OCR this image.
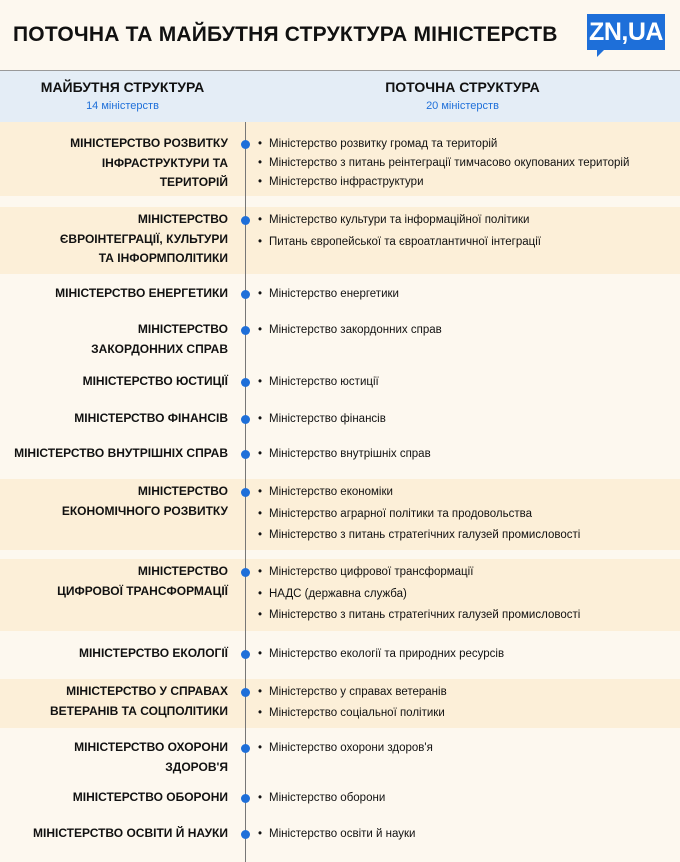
ПОТОЧНА ТА МАЙБУТНЯ СТРУКТУРА МІНІСТЕРСТВ ZN,UA
МАЙБУТНЯ СТРУКТУРА
14 міністерств
ПОТОЧНА СТРУКТУРА
20 міністерств
МІНІСТЕРСТВО РОЗВИТКУ
ІНФРАСТРУКТУРИ ТА
ТЕРИТОРІЙ
• Міністерство розвитку громад та територій
• Міністерство з питань реінтеграції тимчасово окупованих територій
• Міністерство інфраструктури
МІНІСТЕРСТВО
ЄВРОІНТЕГРАЦІЇ, КУЛЬТУРИ
ТА ІНФОРМПОЛІТИКИ
• Міністерство культури та інформаційної політики
• Питань європейської та євроатлантичної інтеграції
МІНІСТЕРСТВО ЕНЕРГЕТИКИ	• Міністерство енергетики
МІНІСТЕРСТВО
ЗАКОРДОННИХ СПРАВ
• Міністерство закордонних справ
МІНІСТЕРСТВО ЮСТИЦІЇ	• Міністерство юстиції
МІНІСТЕРСТВО ФІНАНСІВ	• Міністерство фінансів
МІНІСТЕРСТВО ВНУТРІШНІХ СПРАВ	• Міністерство внутрішніх справ
МІНІСТЕРСТВО
ЕКОНОМІЧНОГО РОЗВИТКУ
• Міністерство економіки
• Міністерство аграрної політики та продовольства
• Міністерство з питань стратегічних галузей промисловості
МІНІСТЕРСТВО
ЦИФРОВОЇ ТРАНСФОРМАЦІЇ
• Міністерство цифрової трансформації
• НАДС (державна служба)
• Міністерство з питань стратегічних галузей промисловості
МІНІСТЕРСТВО ЕКОЛОГІЇ	• Міністерство екології та природних ресурсів
МІНІСТЕРСТВО У СПРАВАХ
ВЕТЕРАНІВ ТА СОЦПОЛІТИКИ
• Міністерство у справах ветеранів
• Міністерство соціальної політики
МІНІСТЕРСТВО ОХОРОНИ
ЗДОРОВ'Я
• Міністерство охорони здоров'я
МІНІСТЕРСТВО ОБОРОНИ	• Міністерство оборони
МІНІСТЕРСТВО ОСВІТИ Й НАУКИ	• Міністерство освіти й науки
